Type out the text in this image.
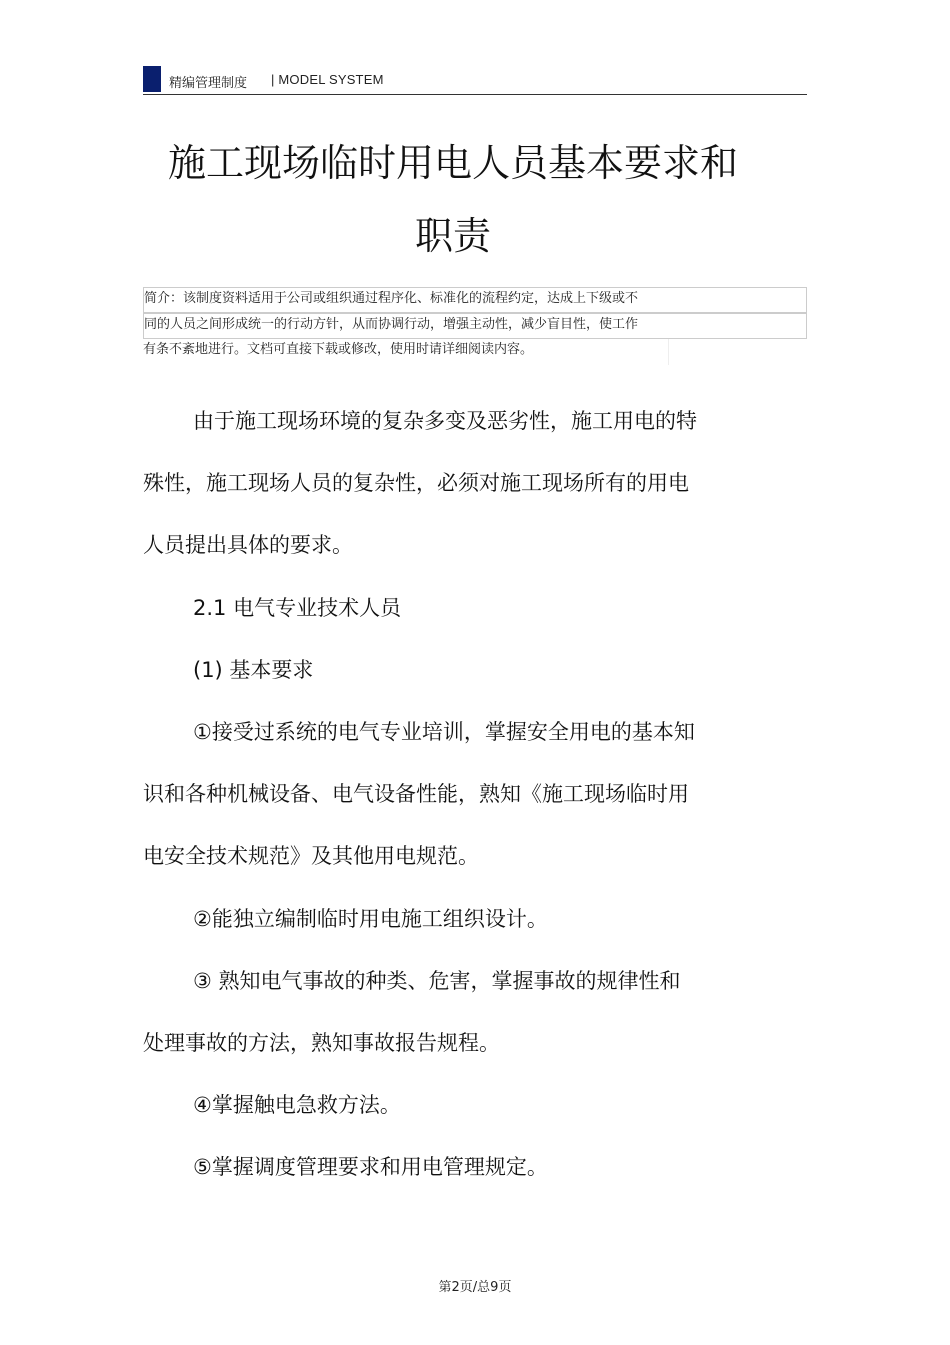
精编管理制度 | MODEL SYSTEM
施工现场临时用电人员基本要求和
职责
简介：该制度资料适用于公司或组织通过程序化、标准化的流程约定，达成上下级或不
同的人员之间形成统一的行动方针，从而协调行动，增强主动性，减少盲目性，使工作
有条不紊地进行。文档可直接下载或修改，使用时请详细阅读内容。
由于施工现场环境的复杂多变及恶劣性，施工用电的特
殊性，施工现场人员的复杂性，必须对施工现场所有的用电
人员提出具体的要求。
2.1 电气专业技术人员
(1) 基本要求
①接受过系统的电气专业培训，掌握安全用电的基本知
识和各种机械设备、电气设备性能，熟知《施工现场临时用
电安全技术规范》及其他用电规范。
②能独立编制临时用电施工组织设计。
③ 熟知电气事故的种类、危害，掌握事故的规律性和
处理事故的方法，熟知事故报告规程。
④掌握触电急救方法。
⑤掌握调度管理要求和用电管理规定。
第2页/总9页
